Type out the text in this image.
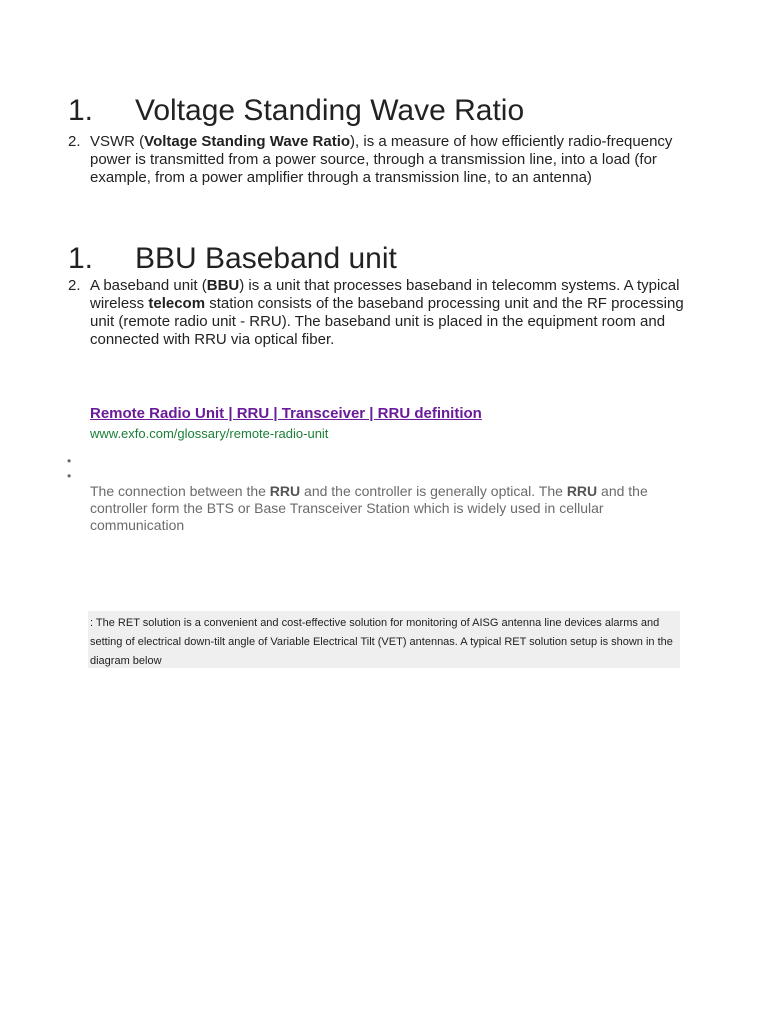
1. Voltage Standing Wave Ratio
2. VSWR (Voltage Standing Wave Ratio), is a measure of how efficiently radio-frequency power is transmitted from a power source, through a transmission line, into a load (for example, from a power amplifier through a transmission line, to an antenna)
1. BBU Baseband unit
2. A baseband unit (BBU) is a unit that processes baseband in telecomm systems. A typical wireless telecom station consists of the baseband processing unit and the RF processing unit (remote radio unit - RRU). The baseband unit is placed in the equipment room and connected with RRU via optical fiber.
Remote Radio Unit | RRU | Transceiver | RRU definition
www.exfo.com/glossary/remote-radio-unit
•
•
The connection between the RRU and the controller is generally optical. The RRU and the controller form the BTS or Base Transceiver Station which is widely used in cellular communication
: The RET solution is a convenient and cost-effective solution for monitoring of AISG antenna line devices alarms and setting of electrical down-tilt angle of Variable Electrical Tilt (VET) antennas. A typical RET solution setup is shown in the diagram below
